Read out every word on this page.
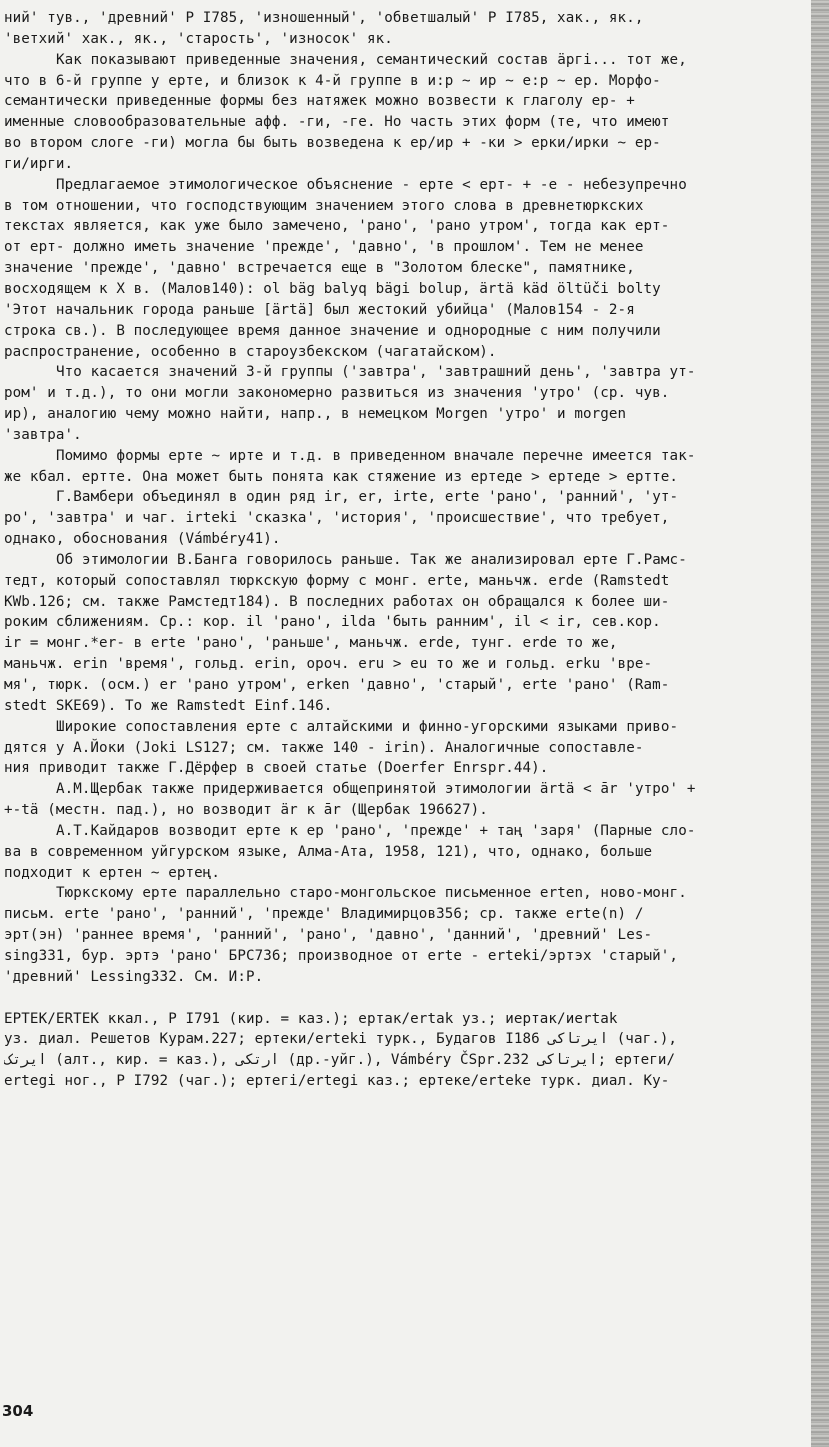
ний' тув., 'древний' Р I785, 'изношенный', 'обветшалый' Р I785, хак., як.,
'ветхий' хак., як., 'старость', 'износок' як.
Как показывают приведенные значения, семантический состав ӓргі... тот же,
что в 6-й группе у ерте, и близок к 4-й группе в и:р ~ ир ~ е:р ~ ер. Морфо-
семантически приведенные формы без натяжек можно возвести к глаголу ер- +
именные словообразовательные афф. -ги, -ге. Но часть этих форм (те, что имеют
во втором слоге -ги) могла бы быть возведена к ер/ир + -ки > ерки/ирки ~ ер-
ги/ирги.
Предлагаемое этимологическое объяснение - ерте < ерт- + -е - небезупречно
в том отношении, что господствующим значением этого слова в древнетюркских
текстах является, как уже было замечено, 'рано', 'рано утром', тогда как ерт-
от ерт- должно иметь значение 'прежде', 'давно', 'в прошлом'. Тем не менее
значение 'прежде', 'давно' встречается еще в "Золотом блеске", памятнике,
восходящем к Х в. (Малов140): ol bäg balyq bägi bolup, ärtä käd öltüči bolty
'Этот начальник города раньше [ärtä] был жестокий убийца' (Малов154 - 2-я
строка св.). В последующее время данное значение и однородные с ним получили
распространение, особенно в староузбекском (чагатайском).
Что касается значений 3-й группы ('завтра', 'завтрашний день', 'завтра ут-
ром' и т.д.), то они могли закономерно развиться из значения 'утро' (ср. чув.
ир), аналогию чему можно найти, напр., в немецком Morgen 'утро' и morgen
'завтра'.
Помимо формы ерте ~ ирте и т.д. в приведенном вначале перечне имеется так-
же кбал. ертте. Она может быть понята как стяжение из ертеде > ертеде > ертте.
Г.Вамбери объединял в один ряд ir, er, irte, erte 'рано', 'ранний', 'ут-
ро', 'завтра' и чаг. irteki 'сказка', 'история', 'происшествие', что требует,
однако, обоснования (Vámbéry41).
Об этимологии В.Банга говорилось раньше. Так же анализировал ерте Г.Рамс-
тедт, который сопоставлял тюркскую форму с монг. erte, маньчж. erde (Ramstedt
KWb.126; см. также Рамстедт184). В последних работах он обращался к более ши-
роким сближениям. Ср.: кор. il 'рано', ilda 'быть ранним', il < ir, сев.кор.
ir = монг.*er- в erte 'рано', 'раньше', маньчж. erde, тунг. erde то же,
маньчж. erin 'время', гольд. erin, ороч. eru > eu то же и гольд. erku 'вре-
мя', тюрк. (осм.) er 'рано утром', erken 'давно', 'старый', erte 'рано' (Ram-
stedt SKE69). То же Ramstedt Einf.146.
Широкие сопоставления ерте с алтайскими и финно-угорскими языками приво-
дятся у А.Йоки (Joki LS127; см. также 140 - irin). Аналогичные сопоставле-
ния приводит также Г.Дёрфер в своей статье (Doerfer Enrspr.44).
А.М.Щербак также придерживается общепринятой этимологии ӓrtä < ār 'утро' +
+-tä (местн. пад.), но возводит ӓr к ār (Щербак 196627).
А.Т.Кайдаров возводит ерте к ер 'рано', 'прежде' + таң 'заря' (Парные сло-
ва в современном уйгурском языке, Алма-Ата, 1958, 121), что, однако, больше
подходит к ертен ~ ертең.
Тюркскому ерте параллельно старо-монгольское письменное erten, ново-монг.
письм. erte 'рано', 'ранний', 'прежде' Владимирцов356; ср. также erte(n) /
эрт(эн) 'раннее время', 'ранний', 'рано', 'давно', 'данний', 'древний' Les-
sing331, бур. эртэ 'рано' БРС736; производное от erte - erteki/эртэх 'старый',
'древний' Lessing332. См. И:Р.
ЕРТЕК/ERTEK ккал., Р I791 (кир. = каз.); ертак/ertak уз.; иертак/иertak
уз. диал. Решетов Курам.227; ертеки/erteki турк., Будагов I186 ایرتاکی (чаг.),
ایرتک (алт., кир. = каз.), ارتکی (др.-уйг.), Vámbéry ČSpr.232 ایرتاکی; ертеги/
ertegi ног., Р I792 (чаг.); ертегі/ertegi каз.; ертеке/erteke турк. диал. Ку-
304
